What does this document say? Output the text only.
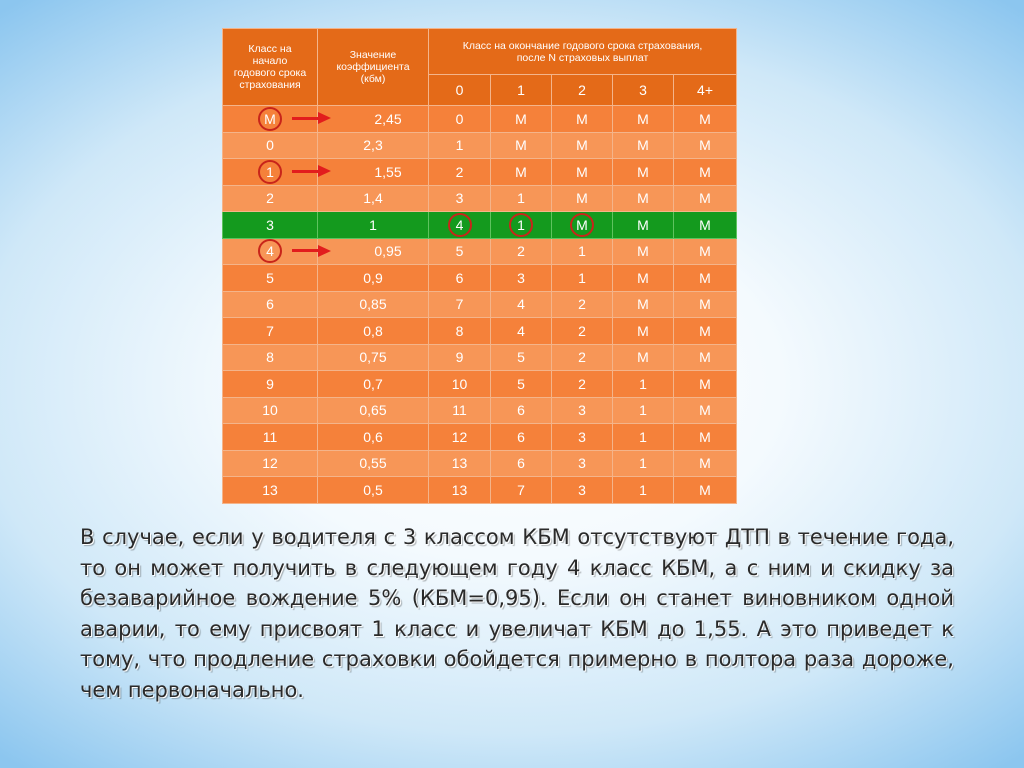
Класс на начало годового срока страхования	Значение коэффициента (кбм)	Класс на окончание годового срока страхования, после N страховых выплат				
		0	1	2	3	4+
М	2,45	0	М	М	М	М
0	2,3	1	М	М	М	М
1	1,55	2	М	М	М	М
2	1,4	3	1	М	М	М
3	1	4	1	М	М	М
4	0,95	5	2	1	М	М
5	0,9	6	3	1	М	М
6	0,85	7	4	2	М	М
7	0,8	8	4	2	М	М
8	0,75	9	5	2	М	М
9	0,7	10	5	2	1	М
10	0,65	11	6	3	1	М
11	0,6	12	6	3	1	М
12	0,55	13	6	3	1	М
13	0,5	13	7	3	1	М

В случае, если у водителя с 3 классом КБМ отсутствуют ДТП в течение года, то он может получить в следующем году 4 класс КБМ, а с ним и скидку за безаварийное вождение 5% (КБМ=0,95). Если он станет виновником одной аварии, то ему присвоят 1 класс и увеличат КБМ до 1,55. А это приведет к тому, что продление страховки обойдется примерно в полтора раза дороже, чем первоначально.
